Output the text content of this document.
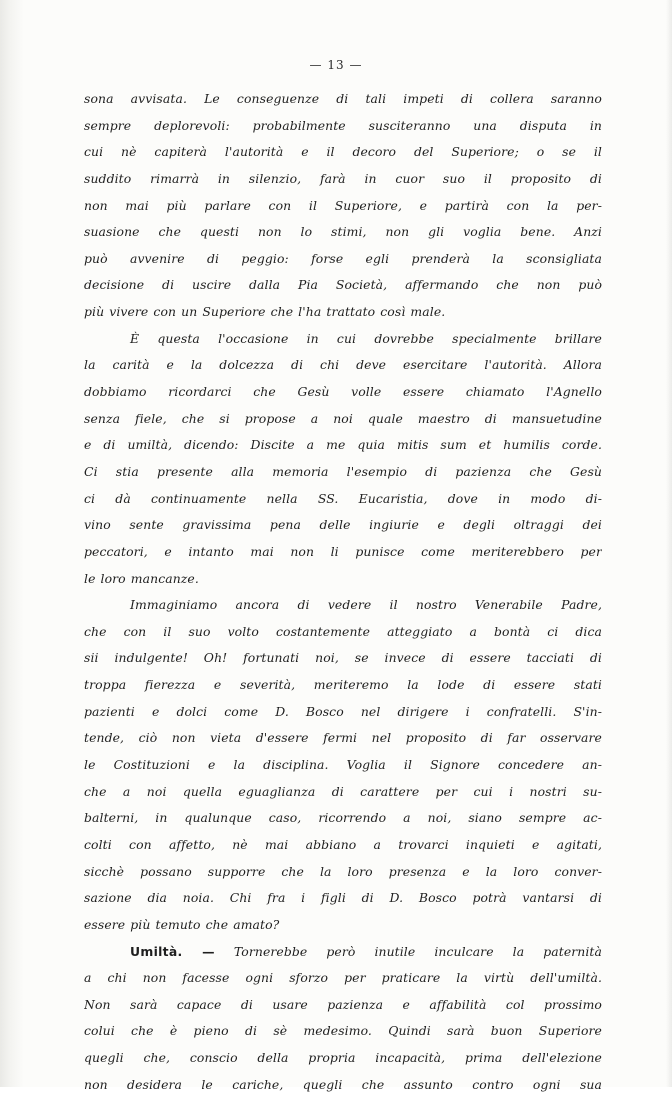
— 13 —
sona avvisata. Le conseguenze di tali impeti di collera saranno
sempre deplorevoli: probabilmente susciteranno una disputa in
cui nè capiterà l'autorità e il decoro del Superiore; o se il
suddito rimarrà in silenzio, farà in cuor suo il proposito di
non mai più parlare con il Superiore, e partirà con la per-
suasione che questi non lo stimi, non gli voglia bene. Anzi
può avvenire di peggio: forse egli prenderà la sconsigliata
decisione di uscire dalla Pia Società, affermando che non può
più vivere con un Superiore che l'ha trattato così male.
È questa l'occasione in cui dovrebbe specialmente brillare
la carità e la dolcezza di chi deve esercitare l'autorità. Allora
dobbiamo ricordarci che Gesù volle essere chiamato l'Agnello
senza fiele, che si propose a noi quale maestro di mansuetudine
e di umiltà, dicendo: Discite a me quia mitis sum et humilis corde.
Ci stia presente alla memoria l'esempio di pazienza che Gesù
ci dà continuamente nella SS. Eucaristia, dove in modo di-
vino sente gravissima pena delle ingiurie e degli oltraggi dei
peccatori, e intanto mai non li punisce come meriterebbero per
le loro mancanze.
Immaginiamo ancora di vedere il nostro Venerabile Padre,
che con il suo volto costantemente atteggiato a bontà ci dica
sii indulgente! Oh! fortunati noi, se invece di essere tacciati di
troppa fierezza e severità, meriteremo la lode di essere stati
pazienti e dolci come D. Bosco nel dirigere i confratelli. S'in-
tende, ciò non vieta d'essere fermi nel proposito di far osservare
le Costituzioni e la disciplina. Voglia il Signore concedere an-
che a noi quella eguaglianza di carattere per cui i nostri su-
balterni, in qualunque caso, ricorrendo a noi, siano sempre ac-
colti con affetto, nè mai abbiano a trovarci inquieti e agitati,
sicchè possano supporre che la loro presenza e la loro conver-
sazione dia noia. Chi fra i figli di D. Bosco potrà vantarsi di
essere più temuto che amato?
Umiltà. — Tornerebbe però inutile inculcare la paternità
a chi non facesse ogni sforzo per praticare la virtù dell'umiltà.
Non sarà capace di usare pazienza e affabilità col prossimo
colui che è pieno di sè medesimo. Quindi sarà buon Superiore
quegli che, conscio della propria incapacità, prima dell'elezione
non desidera le cariche, quegli che assunto contro ogni sua
